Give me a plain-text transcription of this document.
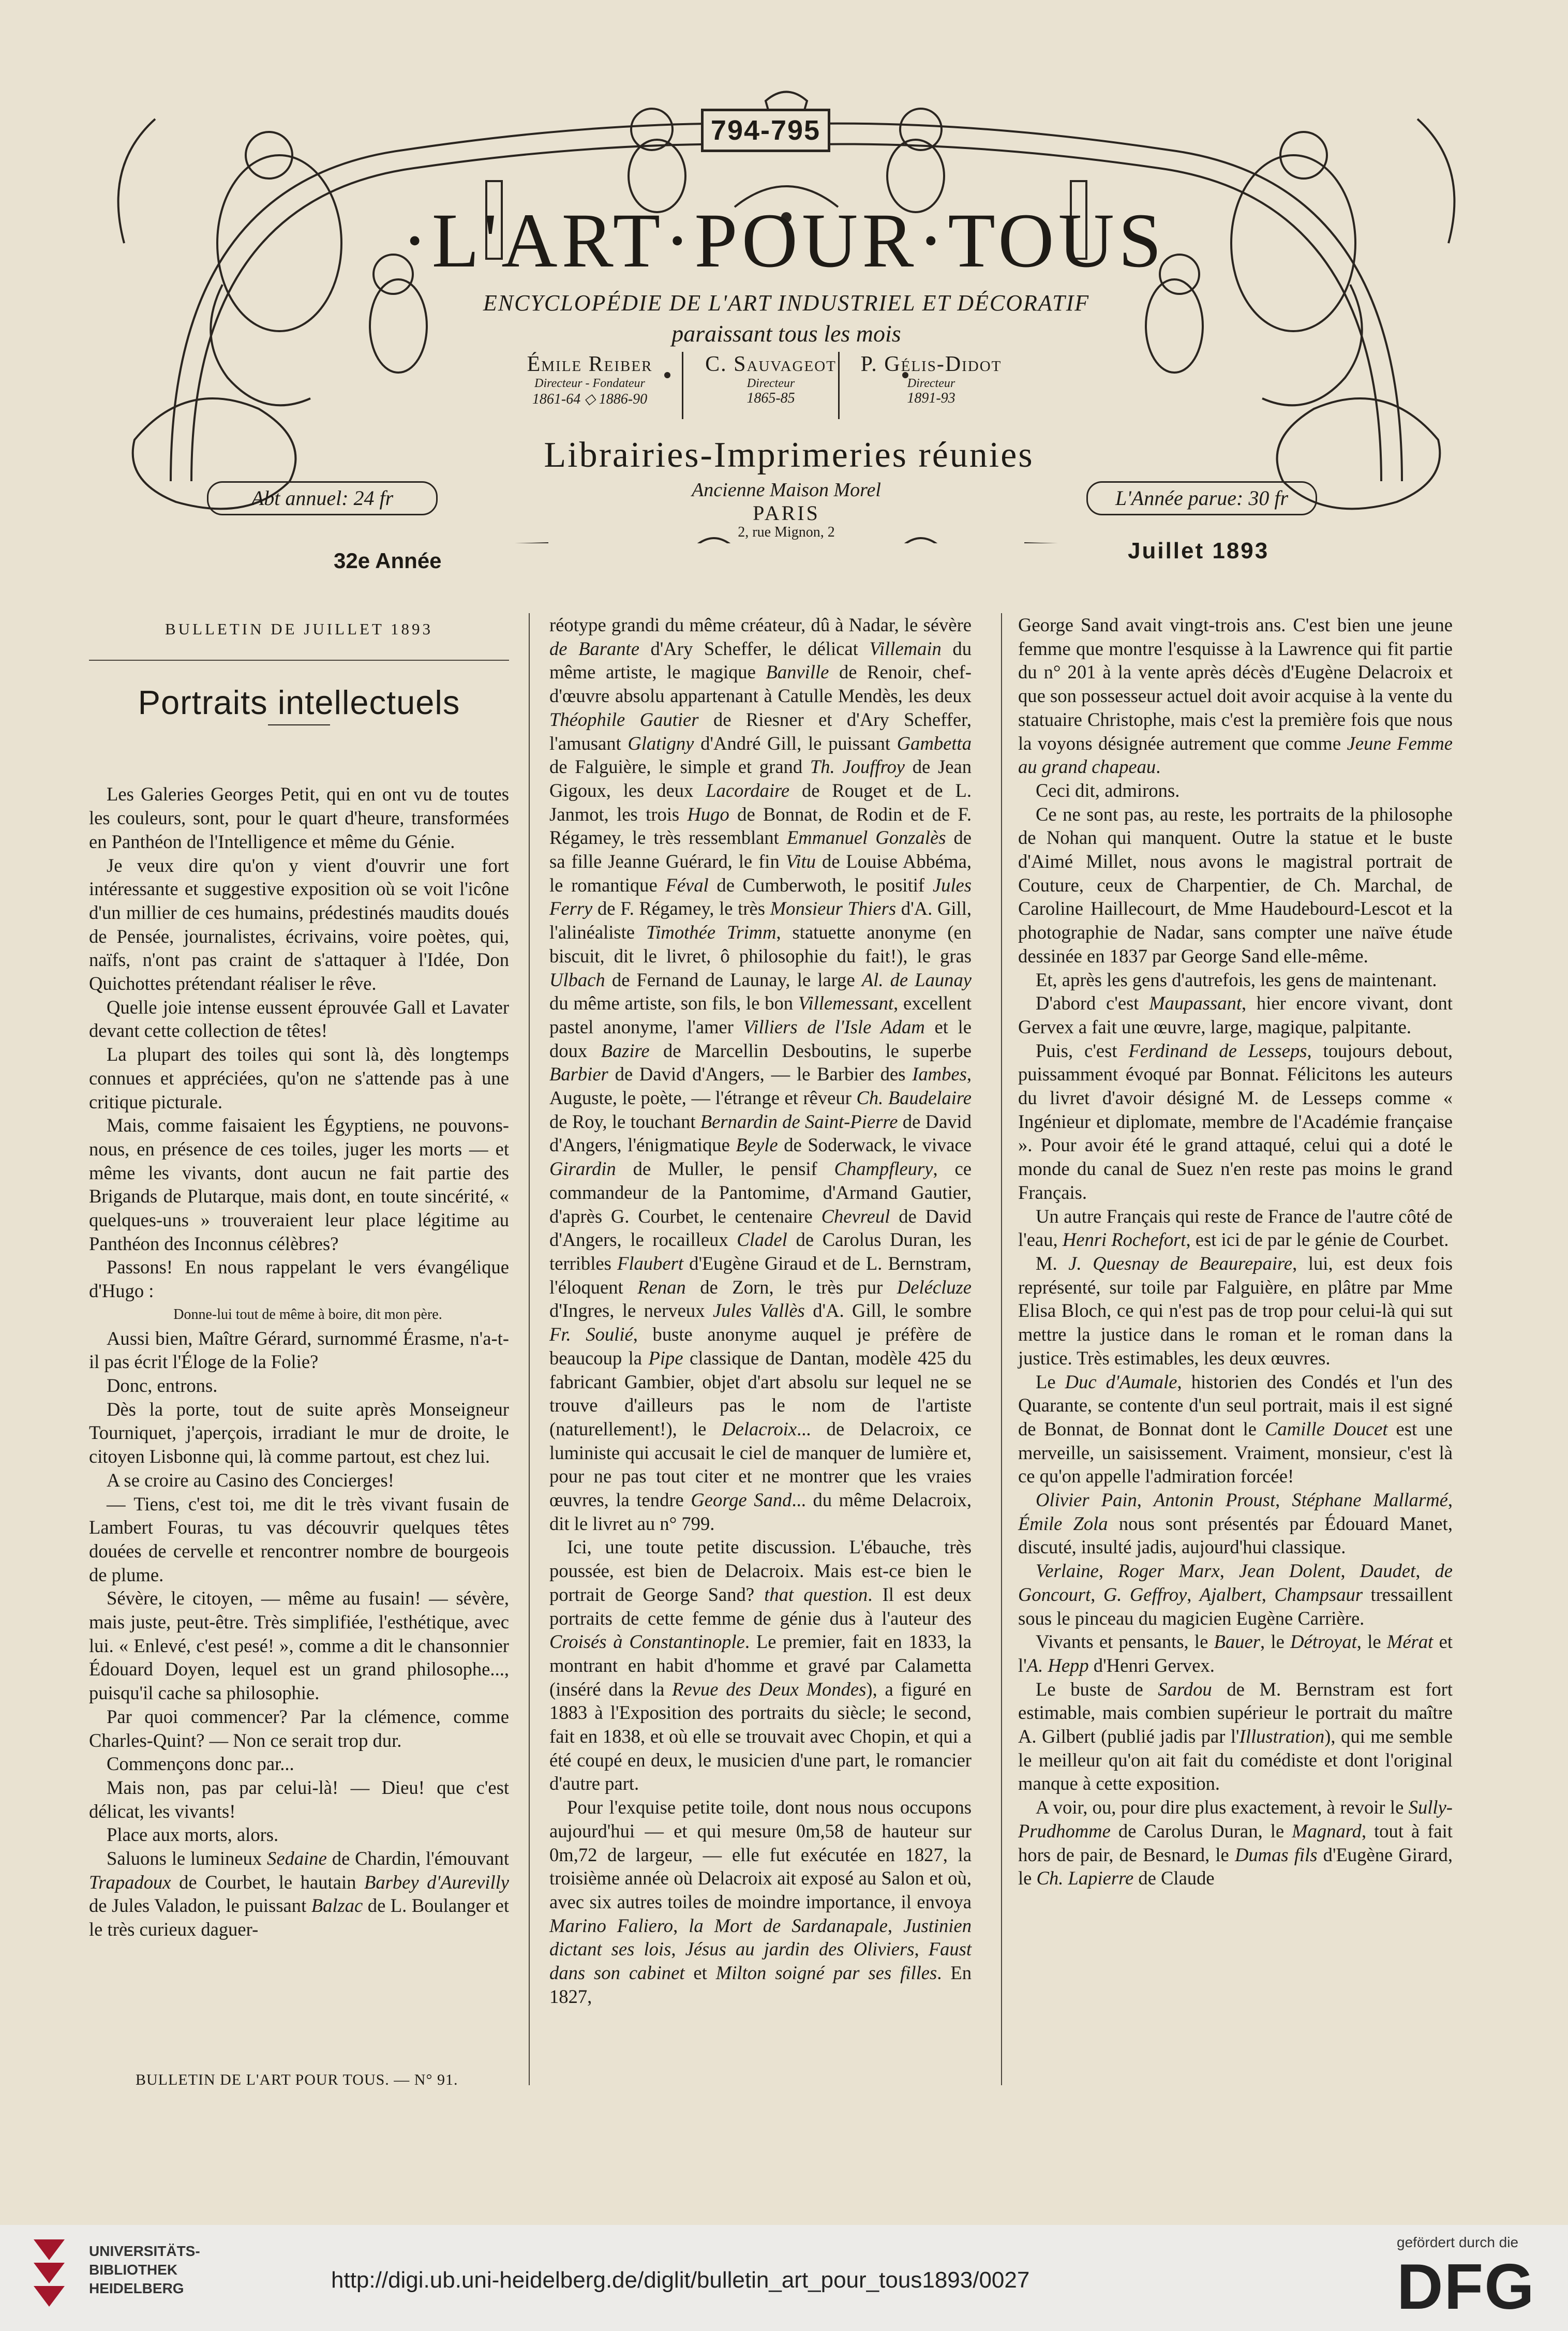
794-795
·L'ART·POUR·TOUS
ENCYCLOPÉDIE DE L'ART INDUSTRIEL ET DÉCORATIF
paraissant tous les mois
Émile Reiber
Directeur - Fondateur
1861-64 ◇ 1886-90
C. Sauvageot
Directeur
1865-85
P. Gélis-Didot
Directeur
1891-93
Librairies-Imprimeries réunies
Ancienne Maison Morel
PARIS
2, rue Mignon, 2
Abt annuel: 24 fr	L'Année parue: 30 fr
32e Année	Juillet 1893
BULLETIN DE JUILLET 1893
Portraits intellectuels

Les Galeries Georges Petit, qui en ont vu de toutes les couleurs, sont, pour le quart d'heure, transformées en Panthéon de l'Intelligence et même du Génie.

Je veux dire qu'on y vient d'ouvrir une fort intéressante et suggestive exposition où se voit l'icône d'un millier de ces humains, prédestinés maudits doués de Pensée, journalistes, écrivains, voire poètes, qui, naïfs, n'ont pas craint de s'attaquer à l'Idée, Don Quichottes prétendant réaliser le rêve.

Quelle joie intense eussent éprouvée Gall et Lavater devant cette collection de têtes!

La plupart des toiles qui sont là, dès longtemps connues et appréciées, qu'on ne s'attende pas à une critique picturale.

Mais, comme faisaient les Égyptiens, ne pouvons-nous, en présence de ces toiles, juger les morts — et même les vivants, dont aucun ne fait partie des Brigands de Plutarque, mais dont, en toute sincérité, « quelques-uns » trouveraient leur place légitime au Panthéon des Inconnus célèbres?

Passons! En nous rappelant le vers évangélique d'Hugo :

Donne-lui tout de même à boire, dit mon père.

Aussi bien, Maître Gérard, surnommé Érasme, n'a-t-il pas écrit l'Éloge de la Folie?

Donc, entrons.

Dès la porte, tout de suite après Monseigneur Tourniquet, j'aperçois, irradiant le mur de droite, le citoyen Lisbonne qui, là comme partout, est chez lui.

A se croire au Casino des Concierges!

— Tiens, c'est toi, me dit le très vivant fusain de Lambert Fouras, tu vas découvrir quelques têtes douées de cervelle et rencontrer nombre de bourgeois de plume.

Sévère, le citoyen, — même au fusain! — sévère, mais juste, peut-être. Très simplifiée, l'esthétique, avec lui. « Enlevé, c'est pesé! », comme a dit le chansonnier Édouard Doyen, lequel est un grand philosophe..., puisqu'il cache sa philosophie.

Par quoi commencer? Par la clémence, comme Charles-Quint? — Non ce serait trop dur.

Commençons donc par...

Mais non, pas par celui-là! — Dieu! que c'est délicat, les vivants!

Place aux morts, alors.

Saluons le lumineux Sedaine de Chardin, l'émouvant Trapadoux de Courbet, le hautain Barbey d'Aurevilly de Jules Valadon, le puissant Balzac de L. Boulanger et le très curieux daguer-

réotype grandi du même créateur, dû à Nadar, le sévère de Barante d'Ary Scheffer, le délicat Villemain du même artiste, le magique Banville de Renoir, chef-d'œuvre absolu appartenant à Catulle Mendès, les deux Théophile Gautier de Riesner et d'Ary Scheffer, l'amusant Glatigny d'André Gill, le puissant Gambetta de Falguière, le simple et grand Th. Jouffroy de Jean Gigoux, les deux Lacordaire de Rouget et de L. Janmot, les trois Hugo de Bonnat, de Rodin et de F. Régamey, le très ressemblant Emmanuel Gonzalès de sa fille Jeanne Guérard, le fin Vitu de Louise Abbéma, le romantique Féval de Cumberwoth, le positif Jules Ferry de F. Régamey, le très Monsieur Thiers d'A. Gill, l'alinéaliste Timothée Trimm, statuette anonyme (en biscuit, dit le livret, ô philosophie du fait!), le gras Ulbach de Fernand de Launay, le large Al. de Launay du même artiste, son fils, le bon Villemessant, excellent pastel anonyme, l'amer Villiers de l'Isle Adam et le doux Bazire de Marcellin Desboutins, le superbe Barbier de David d'Angers, — le Barbier des Iambes, Auguste, le poète, — l'étrange et rêveur Ch. Baudelaire de Roy, le touchant Bernardin de Saint-Pierre de David d'Angers, l'énigmatique Beyle de Soderwack, le vivace Girardin de Muller, le pensif Champfleury, ce commandeur de la Pantomime, d'Armand Gautier, d'après G. Courbet, le centenaire Chevreul de David d'Angers, le rocailleux Cladel de Carolus Duran, les terribles Flaubert d'Eugène Giraud et de L. Bernstram, l'éloquent Renan de Zorn, le très pur Delécluze d'Ingres, le nerveux Jules Vallès d'A. Gill, le sombre Fr. Soulié, buste anonyme auquel je préfère de beaucoup la Pipe classique de Dantan, modèle 425 du fabricant Gambier, objet d'art absolu sur lequel ne se trouve d'ailleurs pas le nom de l'artiste (naturellement!), le Delacroix... de Delacroix, ce luministe qui accusait le ciel de manquer de lumière et, pour ne pas tout citer et ne montrer que les vraies œuvres, la tendre George Sand... du même Delacroix, dit le livret au n° 799.

Ici, une toute petite discussion. L'ébauche, très poussée, est bien de Delacroix. Mais est-ce bien le portrait de George Sand? that question. Il est deux portraits de cette femme de génie dus à l'auteur des Croisés à Constantinople. Le premier, fait en 1833, la montrant en habit d'homme et gravé par Calametta (inséré dans la Revue des Deux Mondes), a figuré en 1883 à l'Exposition des portraits du siècle; le second, fait en 1838, et où elle se trouvait avec Chopin, et qui a été coupé en deux, le musicien d'une part, le romancier d'autre part.

Pour l'exquise petite toile, dont nous nous occupons aujourd'hui — et qui mesure 0m,58 de hauteur sur 0m,72 de largeur, — elle fut exécutée en 1827, la troisième année où Delacroix ait exposé au Salon et où, avec six autres toiles de moindre importance, il envoya Marino Faliero, la Mort de Sardanapale, Justinien dictant ses lois, Jésus au jardin des Oliviers, Faust dans son cabinet et Milton soigné par ses filles. En 1827,

George Sand avait vingt-trois ans. C'est bien une jeune femme que montre l'esquisse à la Lawrence qui fit partie du n° 201 à la vente après décès d'Eugène Delacroix et que son possesseur actuel doit avoir acquise à la vente du statuaire Christophe, mais c'est la première fois que nous la voyons désignée autrement que comme Jeune Femme au grand chapeau.

Ceci dit, admirons.

Ce ne sont pas, au reste, les portraits de la philosophe de Nohan qui manquent. Outre la statue et le buste d'Aimé Millet, nous avons le magistral portrait de Couture, ceux de Charpentier, de Ch. Marchal, de Caroline Haillecourt, de Mme Haudebourd-Lescot et la photographie de Nadar, sans compter une naïve étude dessinée en 1837 par George Sand elle-même.

Et, après les gens d'autrefois, les gens de maintenant.

D'abord c'est Maupassant, hier encore vivant, dont Gervex a fait une œuvre, large, magique, palpitante.

Puis, c'est Ferdinand de Lesseps, toujours debout, puissamment évoqué par Bonnat. Félicitons les auteurs du livret d'avoir désigné M. de Lesseps comme « Ingénieur et diplomate, membre de l'Académie française ». Pour avoir été le grand attaqué, celui qui a doté le monde du canal de Suez n'en reste pas moins le grand Français.

Un autre Français qui reste de France de l'autre côté de l'eau, Henri Rochefort, est ici de par le génie de Courbet.

M. J. Quesnay de Beaurepaire, lui, est deux fois représenté, sur toile par Falguière, en plâtre par Mme Elisa Bloch, ce qui n'est pas de trop pour celui-là qui sut mettre la justice dans le roman et le roman dans la justice. Très estimables, les deux œuvres.

Le Duc d'Aumale, historien des Condés et l'un des Quarante, se contente d'un seul portrait, mais il est signé de Bonnat, de Bonnat dont le Camille Doucet est une merveille, un saisissement. Vraiment, monsieur, c'est là ce qu'on appelle l'admiration forcée!

Olivier Pain, Antonin Proust, Stéphane Mallarmé, Émile Zola nous sont présentés par Édouard Manet, discuté, insulté jadis, aujourd'hui classique.

Verlaine, Roger Marx, Jean Dolent, Daudet, de Goncourt, G. Geffroy, Ajalbert, Champsaur tressaillent sous le pinceau du magicien Eugène Carrière.

Vivants et pensants, le Bauer, le Détroyat, le Mérat et l'A. Hepp d'Henri Gervex.

Le buste de Sardou de M. Bernstram est fort estimable, mais combien supérieur le portrait du maître A. Gilbert (publié jadis par l'Illustration), qui me semble le meilleur qu'on ait fait du comédiste et dont l'original manque à cette exposition.

A voir, ou, pour dire plus exactement, à revoir le Sully-Prudhomme de Carolus Duran, le Magnard, tout à fait hors de pair, de Besnard, le Dumas fils d'Eugène Girard, le Ch. Lapierre de Claude

BULLETIN DE L'ART POUR TOUS. — N° 91.
UNIVERSITÄTS-
BIBLIOTHEK
HEIDELBERG	http://digi.ub.uni-heidelberg.de/diglit/bulletin_art_pour_tous1893/0027
gefördert durch die
DFG
